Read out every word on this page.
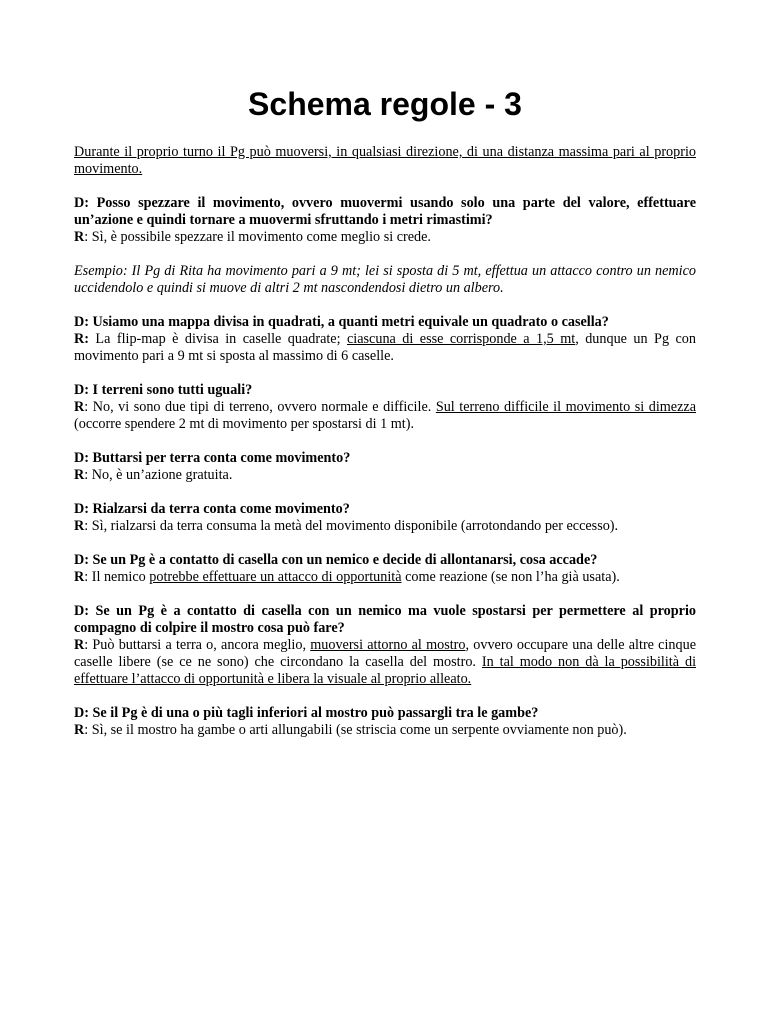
Schema regole - 3

Durante il proprio turno il Pg può muoversi, in qualsiasi direzione, di una distanza massima pari al proprio movimento.

D: Posso spezzare il movimento, ovvero muovermi usando solo una parte del valore, effettuare un’azione e quindi tornare a muovermi sfruttando i metri rimastimi?

R: Sì, è possibile spezzare il movimento come meglio si crede.

Esempio: Il Pg di Rita ha movimento pari a 9 mt; lei si sposta di 5 mt, effettua un attacco contro un nemico uccidendolo e quindi si muove di altri 2 mt nascondendosi dietro un albero.

D: Usiamo una mappa divisa in quadrati, a quanti metri equivale un quadrato o casella?

R: La flip-map è divisa in caselle quadrate; ciascuna di esse corrisponde a 1,5 mt, dunque un Pg con movimento pari a 9 mt si sposta al massimo di 6 caselle.

D: I terreni sono tutti uguali?

R: No, vi sono due tipi di terreno, ovvero normale e difficile. Sul terreno difficile il movimento si dimezza (occorre spendere 2 mt di movimento per spostarsi di 1 mt).

D: Buttarsi per terra conta come movimento?

R: No, è un’azione gratuita.

D: Rialzarsi da terra conta come movimento?

R: Sì, rialzarsi da terra consuma la metà del movimento disponibile (arrotondando per eccesso).

D: Se un Pg è a contatto di casella con un nemico e decide di allontanarsi, cosa accade?

R: Il nemico potrebbe effettuare un attacco di opportunità come reazione (se non l’ha già usata).

D: Se un Pg è a contatto di casella con un nemico ma vuole spostarsi per permettere al proprio compagno di colpire il mostro cosa può fare?

R: Può buttarsi a terra o, ancora meglio, muoversi attorno al mostro, ovvero occupare una delle altre cinque caselle libere (se ce ne sono) che circondano la casella del mostro. In tal modo non dà la possibilità di effettuare l’attacco di opportunità e libera la visuale al proprio alleato.

D: Se il Pg è di una o più tagli inferiori al mostro può passargli tra le gambe?

R: Sì, se il mostro ha gambe o arti allungabili (se striscia come un serpente ovviamente non può).
